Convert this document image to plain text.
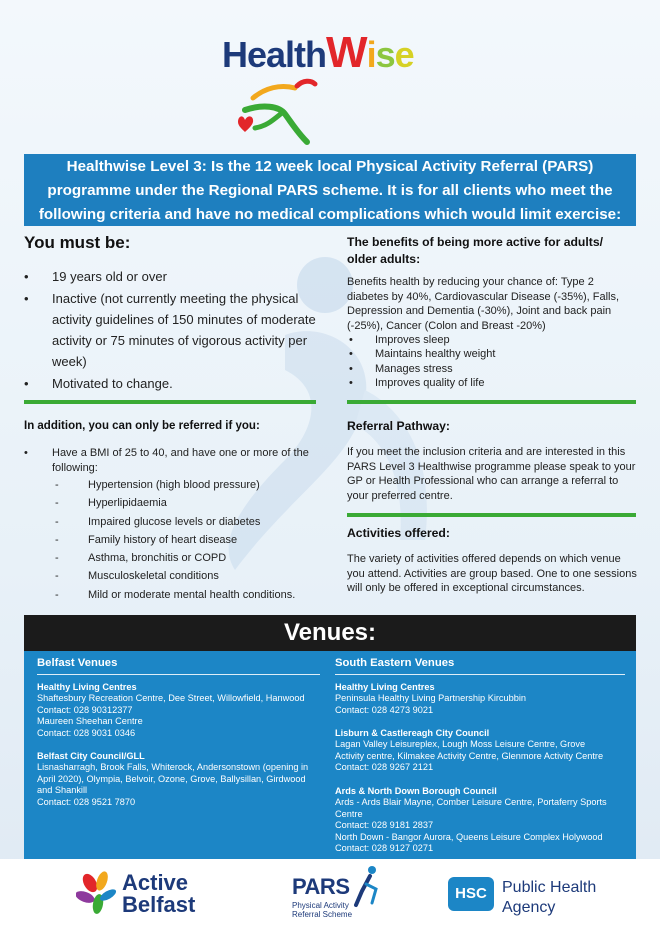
HealthWise
Healthwise Level 3: Is the 12 week local Physical Activity Referral (PARS)
programme under the Regional PARS scheme. It is for all clients who meet the
following criteria and have no medical complications which would limit exercise:
You must be:
• 19 years old or over
• Inactive (not currently meeting the physical activity guidelines of 150 minutes of moderate activity or 75 minutes of vigorous activity per week)
• Motivated to change.
In addition, you can only be referred if you:
•	Have a BMI of 25 to 40, and have one or more of the following:
- Hypertension (high blood pressure)
- Hyperlipidaemia
- Impaired glucose levels or diabetes
- Family history of heart disease
- Asthma, bronchitis or COPD
- Musculoskeletal conditions
- Mild or moderate mental health conditions.
The benefits of being more active for adults/ older adults:
Benefits health by reducing your chance of: Type 2 diabetes by 40%, Cardiovascular Disease (-35%), Falls, Depression and Dementia (-30%), Joint and back pain (-25%), Cancer (Colon and Breast -20%)
• Improves sleep
• Maintains healthy weight
• Manages stress
• Improves quality of life
Referral Pathway:
If you meet the inclusion criteria and are interested in this PARS Level 3 Healthwise programme please speak to your GP or Health Professional who can arrange a referral to your preferred centre.
Activities offered:
The variety of activities offered depends on which venue you attend. Activities are group based. One to one sessions will only be offered in exceptional circumstances.
Venues:
Belfast Venues
Healthy Living Centres
Shaftesbury Recreation Centre, Dee Street, Willowfield, Hanwood
Contact: 028 90312377
Maureen Sheehan Centre
Contact: 028 9031 0346
Belfast City Council/GLL
Lisnasharragh, Brook Falls, Whiterock, Andersonstown (opening in
April 2020), Olympia, Belvoir, Ozone, Grove, Ballysillan, Girdwood
and Shankill
Contact: 028 9521 7870
South Eastern Venues
Healthy Living Centres
Peninsula Healthy Living Partnership Kircubbin
Contact: 028 4273 9021
Lisburn & Castlereagh City Council
Lagan Valley Leisureplex, Lough Moss Leisure Centre, Grove
Activity centre, Kilmakee Activity Centre, Glenmore Activity Centre
Contact: 028 9267 2121
Ards & North Down Borough Council
Ards - Ards Blair Mayne, Comber Leisure Centre, Portaferry Sports
Centre
Contact: 028 9181 2837
North Down - Bangor Aurora, Queens Leisure Complex Holywood
Contact: 028 9127 0271
Active
Belfast
PARS
Physical Activity
Referral Scheme
HSC Public Health
Agency
